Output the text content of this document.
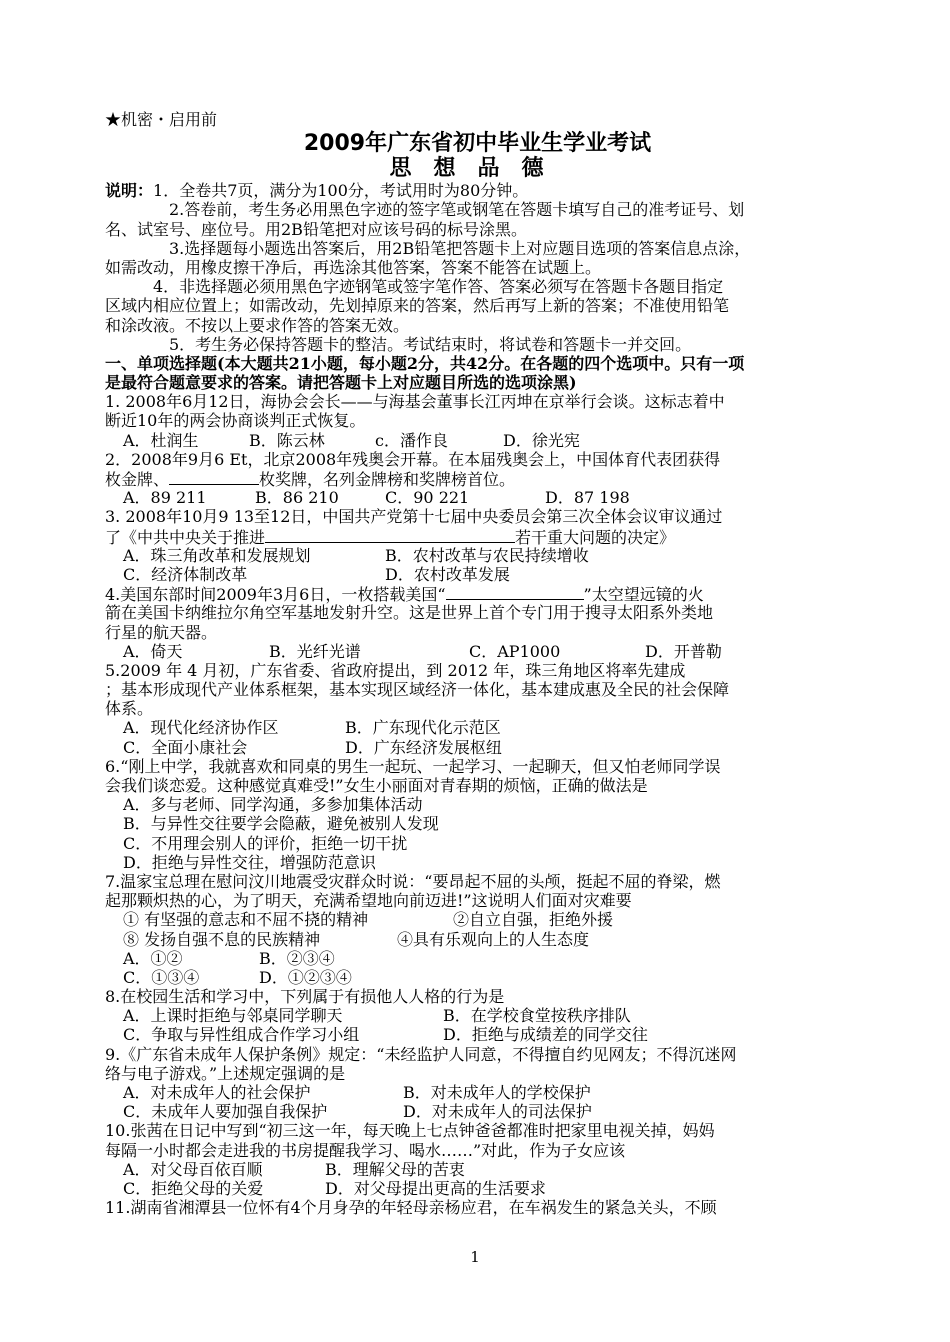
★机密・启用前
2009年广东省初中毕业生学业考试
思想品德
说明：1．全卷共7页，满分为100分，考试用时为80分钟。
2.答卷前，考生务必用黑色字迹的签字笔或钢笔在答题卡填写自己的准考证号、划
名、试室号、座位号。用2B铅笔把对应该号码的标号涂黑。
3.选择题每小题选出答案后，用2B铅笔把答题卡上对应题目选项的答案信息点涂，
如需改动，用橡皮擦干净后，再选涂其他答案，答案不能答在试题上。
4．非选择题必须用黑色字迹钢笔或签字笔作答、答案必须写在答题卡各题目指定
区域内相应位置上；如需改动，先划掉原来的答案，然后再写上新的答案；不准使用铅笔
和涂改液。不按以上要求作答的答案无效。
5．考生务必保持答题卡的整洁。考试结束时，将试卷和答题卡一并交回。
一、单项选择题(本大题共21小题，每小题2分，共42分。在各题的四个选项中。只有一项
是最符合题意要求的答案。请把答题卡上对应题目所选的选项涂黑)
1. 2008年6月12日，海协会会长——与海基会董事长江丙坤在京举行会谈。这标志着中
断近10年的两会协商谈判正式恢复。
A．杜润生	B．陈云林	c．潘作良	D．徐光宪
2．2008年9月6 Et，北京2008年残奥会开幕。在本届残奥会上，中国体育代表团获得
枚金牌、	枚奖牌，名列金牌榜和奖牌榜首位。
A．89 211	B．86 210	C．90 221	D．87 198
3. 2008年10月9 13至12日，中国共产党第十七届中央委员会第三次全体会议审议通过
了《中共中央关于推进	若干重大问题的决定》
A．珠三角改革和发展规划	B．农村改革与农民持续增收
C．经济体制改革	D．农村改革发展
4.美国东部时间2009年3月6日，一枚搭载美国“	”太空望远镜的火
箭在美国卡纳维拉尔角空军基地发射升空。这是世界上首个专门用于搜寻太阳系外类地
行星的航天器。
A．倚天	B．光纤光谱	C．AP1000	D．开普勒
5.2009 年 4 月初，广东省委、省政府提出，到 2012 年，珠三角地区将率先建成
；基本形成现代产业体系框架，基本实现区域经济一体化，基本建成惠及全民的社会保障
体系。
A．现代化经济协作区	B．广东现代化示范区
C．全面小康社会	D．广东经济发展枢纽
6.“刚上中学，我就喜欢和同桌的男生一起玩、一起学习、一起聊天，但又怕老师同学误
会我们谈恋爱。这种感觉真难受!”女生小丽面对青春期的烦恼，正确的做法是
A．多与老师、同学沟通，多参加集体活动
B．与异性交往要学会隐蔽，避免被别人发现
C．不用理会别人的评价，拒绝一切干扰
D．拒绝与异性交往，增强防范意识
7.温家宝总理在慰问汶川地震受灾群众时说：“要昂起不屈的头颅，挺起不屈的脊梁，燃
起那颗炽热的心，为了明天，充满希望地向前迈进!”这说明人们面对灾难要
① 有坚强的意志和不屈不挠的精神	②自立自强，拒绝外援
⑧ 发扬自强不息的民族精神	④具有乐观向上的人生态度
A．①②	B．②③④
C．①③④	D．①②③④
8.在校园生活和学习中，下列属于有损他人人格的行为是
A．上课时拒绝与邻桌同学聊天	B．在学校食堂按秩序排队
C．争取与异性组成合作学习小组	D．拒绝与成绩差的同学交往
9.《广东省未成年人保护条例》规定：“未经监护人同意，不得擅自约见网友；不得沉迷网
络与电子游戏。”上述规定强调的是
A．对未成年人的社会保护	B．对未成年人的学校保护
C．未成年人要加强自我保护	D．对未成年人的司法保护
10.张茜在日记中写到“初三这一年，每天晚上七点钟爸爸都准时把家里电视关掉，妈妈
每隔一小时都会走进我的书房提醒我学习、喝水……”对此，作为子女应该
A．对父母百依百顺	B．理解父母的苦衷
C．拒绝父母的关爱	D．对父母提出更高的生活要求
11.湖南省湘潭县一位怀有4个月身孕的年轻母亲杨应君，在车祸发生的紧急关头，不顾
1
